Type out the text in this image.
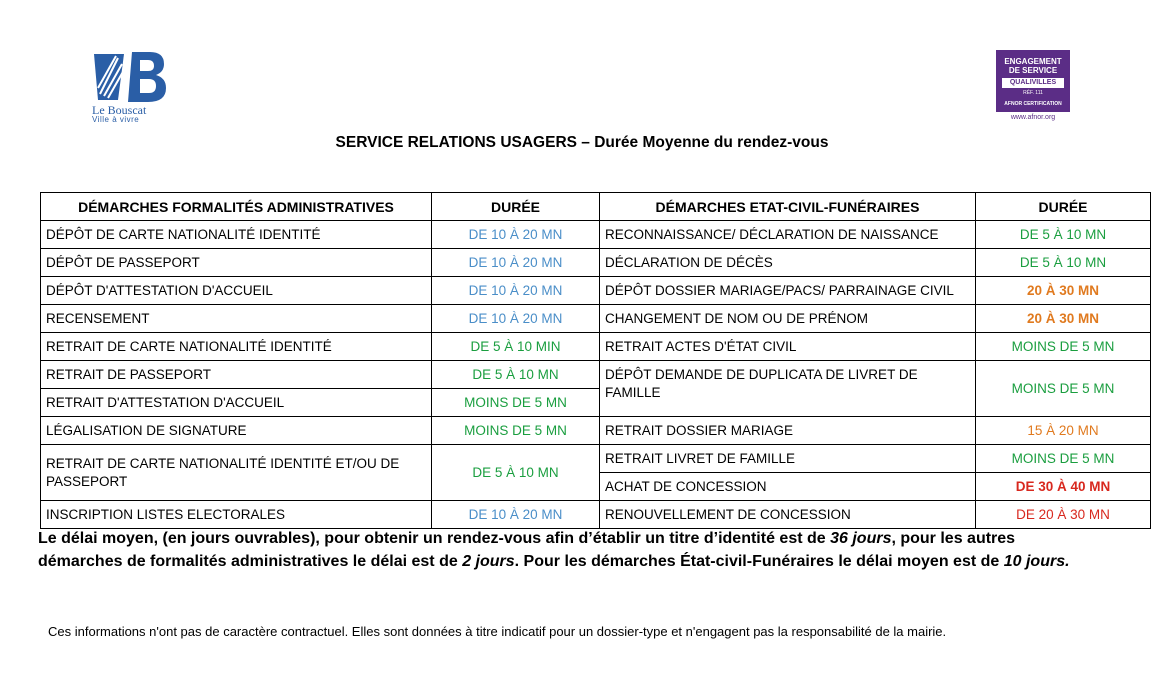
Le Bouscat
Ville à vivre
ENGAGEMENT
DE SERVICE
QUALIVILLES
RÉF. 111
AFNOR CERTIFICATION
www.afnor.org
SERVICE RELATIONS USAGERS – Durée Moyenne du rendez-vous
DÉMARCHES FORMALITÉS ADMINISTRATIVES	DURÉE	DÉMARCHES ETAT-CIVIL-FUNÉRAIRES	DURÉE
DÉPÔT DE CARTE NATIONALITÉ IDENTITÉ	DE 10 À 20 MN	RECONNAISSANCE/ DÉCLARATION DE NAISSANCE	DE 5 À 10 MN
DÉPÔT DE PASSEPORT	DE 10 À 20 MN	DÉCLARATION DE DÉCÈS	DE 5 À 10 MN
DÉPÔT D'ATTESTATION D'ACCUEIL	DE 10 À 20 MN	DÉPÔT DOSSIER MARIAGE/PACS/ PARRAINAGE CIVIL	20 À 30 MN
RECENSEMENT	DE 10 À 20 MN	CHANGEMENT DE NOM OU DE PRÉNOM	20 À 30 MN
RETRAIT DE CARTE NATIONALITÉ IDENTITÉ	DE 5 À 10 MIN	RETRAIT ACTES D'ÉTAT CIVIL	MOINS DE 5 MN
RETRAIT DE PASSEPORT	DE 5 À 10 MN	DÉPÔT DEMANDE DE DUPLICATA DE LIVRET DE FAMILLE	MOINS DE 5 MN
RETRAIT D'ATTESTATION D'ACCUEIL	MOINS DE 5 MN		
LÉGALISATION DE SIGNATURE	MOINS DE 5 MN	RETRAIT DOSSIER MARIAGE	15 À 20 MN
RETRAIT DE CARTE NATIONALITÉ IDENTITÉ ET/OU DE PASSEPORT	DE 5 À 10 MN	RETRAIT LIVRET DE FAMILLE	MOINS DE 5 MN
		ACHAT DE CONCESSION	DE 30 À 40 MN
INSCRIPTION LISTES ELECTORALES	DE 10 À 20 MN	RENOUVELLEMENT DE CONCESSION	DE 20 À 30 MN
Le délai moyen, (en jours ouvrables), pour obtenir un rendez-vous afin d’établir un titre d’identité est de 36 jours, pour les autres démarches de formalités administratives le délai est de 2 jours. Pour les démarches État-civil-Funéraires le délai moyen est de 10 jours.
Ces informations n'ont pas de caractère contractuel. Elles sont données à titre indicatif pour un dossier-type et n'engagent pas la responsabilité de la mairie.
